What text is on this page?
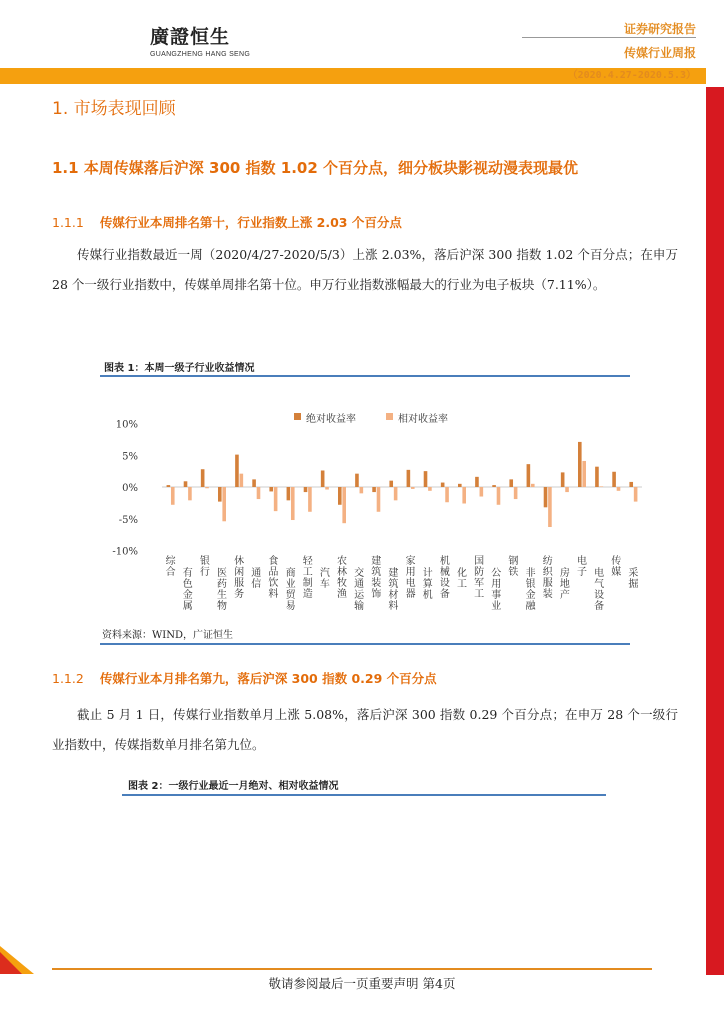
廣證恒生
GUANGZHENG HANG SENG
证券研究报告
传媒行业周报
（2020.4.27-2020.5.3）
1. 市场表现回顾
1.1 本周传媒落后沪深 300 指数 1.02 个百分点，细分板块影视动漫表现最优
1.1.1 传媒行业本周排名第十，行业指数上涨 2.03 个百分点
传媒行业指数最近一周（2020/4/27-2020/5/3）上涨 2.03%，落后沪深 300 指数 1.02 个百分点；在申万 28 个一级行业指数中，传媒单周排名第十位。申万行业指数涨幅最大的行业为电子板块（7.11%）。
图表 1：本周一级子行业收益情况
绝对收益率	相对收益率
10%
5%
0%
-5%
-10%
综合 有色金属
银行 医药生物
休闲服务
通信
食品饮料
商业贸易
轻工制造
汽车
农林牧渔
交通运输
建筑装饰
建筑材料
家用电器
计算机
机械设备
化工
国防军工
公用事业
钢铁 非银金融
纺织服装
房地产
电子 电气设备
传媒 采掘
资料来源：WIND，广证恒生
1.1.2 传媒行业本月排名第九，落后沪深 300 指数 0.29 个百分点
截止 5 月 1 日，传媒行业指数单月上涨 5.08%，落后沪深 300 指数 0.29 个百分点；在申万 28 个一级行业指数中，传媒指数单月排名第九位。
图表 2：一级行业最近一月绝对、相对收益情况
敬请参阅最后一页重要声明 第4页
